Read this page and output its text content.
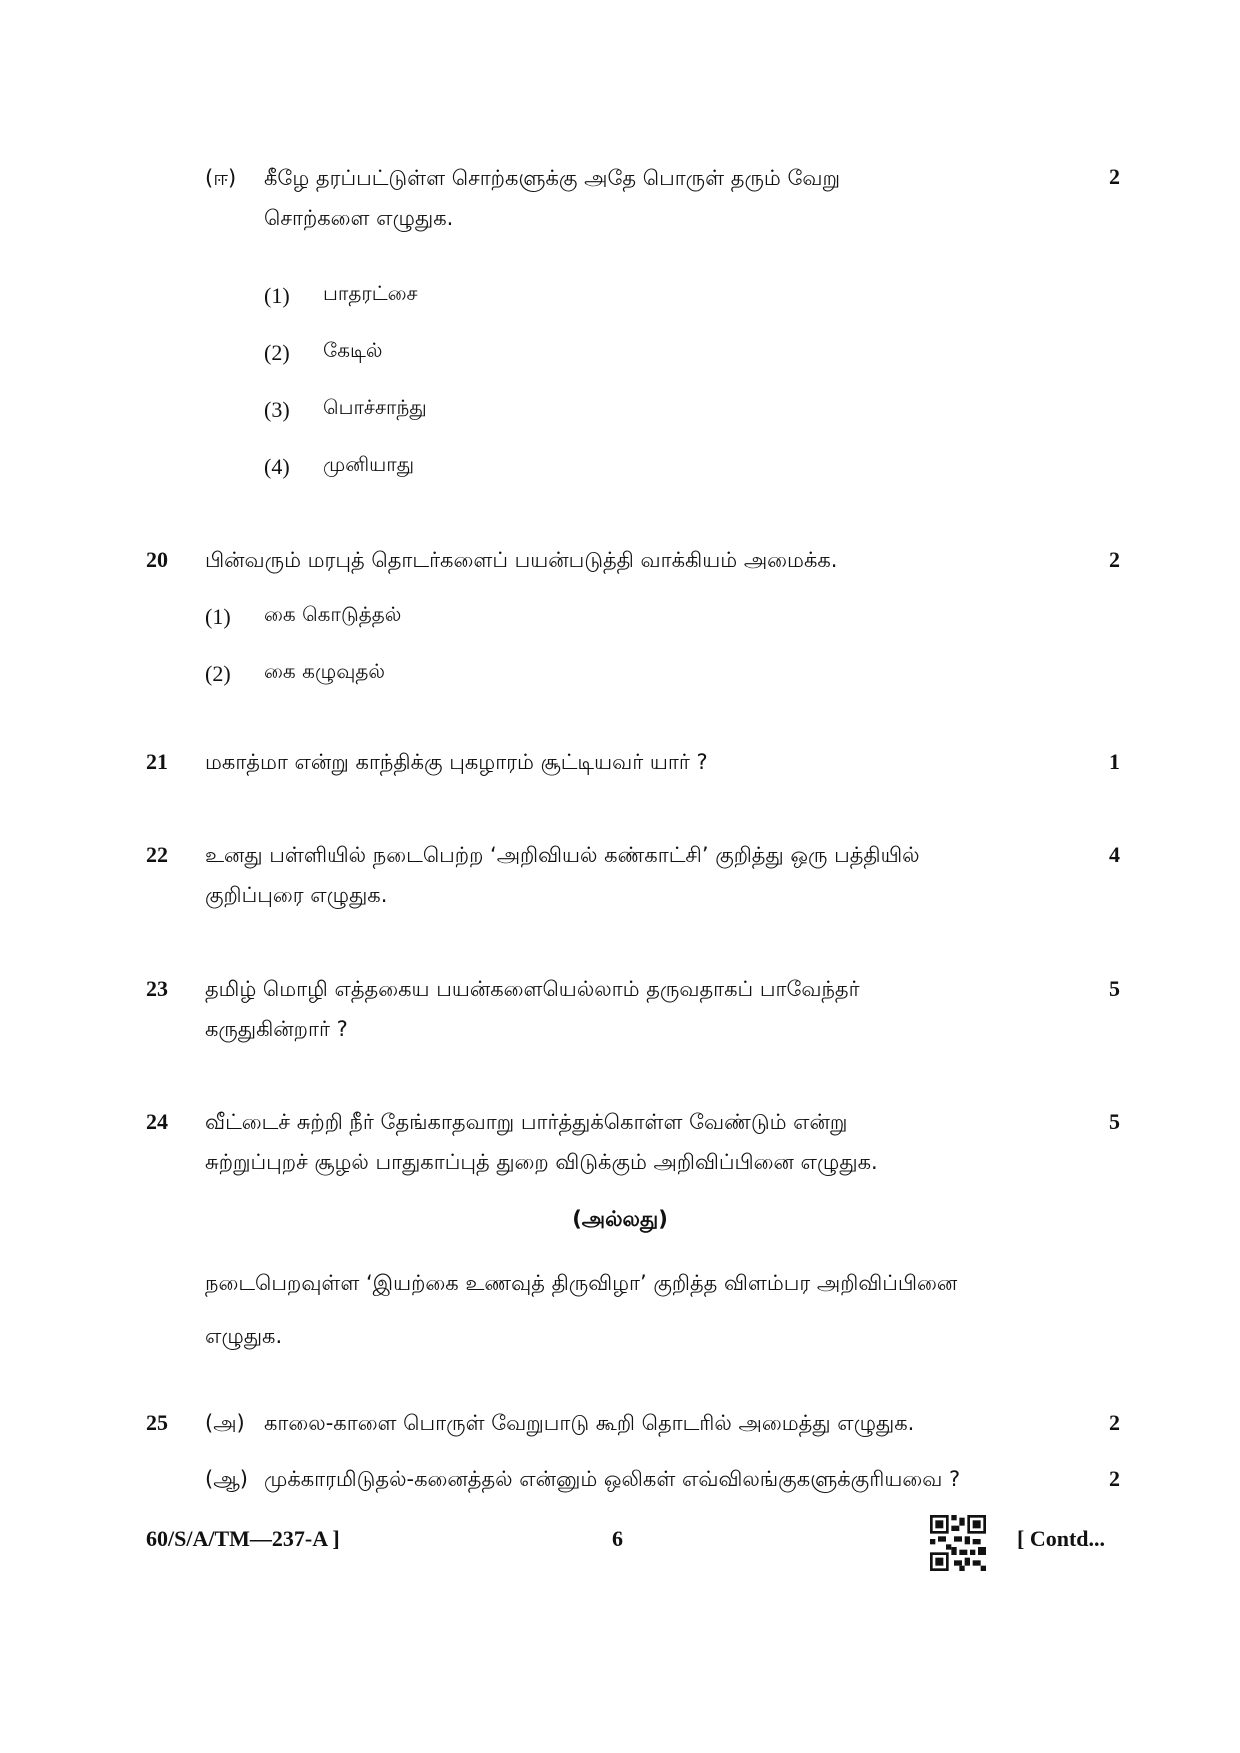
(ஈ) கீழே தரப்பட்டுள்ள சொற்களுக்கு அதே பொருள் தரும் வேறு	2
சொற்களை எழுதுக.
(1) பாதரட்சை
(2) கேடில்
(3) பொச்சாந்து
(4) முனியாது
20 பின்வரும் மரபுத் தொடர்களைப் பயன்படுத்தி வாக்கியம் அமைக்க.	2
(1) கை கொடுத்தல்
(2) கை கழுவுதல்
21 மகாத்மா என்று காந்திக்கு புகழாரம் சூட்டியவர் யார் ?	1
22 உனது பள்ளியில் நடைபெற்ற ‘அறிவியல் கண்காட்சி’ குறித்து ஒரு பத்தியில்	4
குறிப்புரை எழுதுக.
23 தமிழ் மொழி எத்தகைய பயன்களையெல்லாம் தருவதாகப் பாவேந்தர்	5
கருதுகின்றார் ?
24 வீட்டைச் சுற்றி நீர் தேங்காதவாறு பார்த்துக்கொள்ள வேண்டும் என்று	5
சுற்றுப்புறச் சூழல் பாதுகாப்புத் துறை விடுக்கும் அறிவிப்பினை எழுதுக.
(அல்லது)
நடைபெறவுள்ள ‘இயற்கை உணவுத் திருவிழா’ குறித்த விளம்பர அறிவிப்பினை
எழுதுக.
25 (அ) காலை-காளை பொருள் வேறுபாடு கூறி தொடரில் அமைத்து எழுதுக.	2
(ஆ) முக்காரமிடுதல்-கனைத்தல் என்னும் ஒலிகள் எவ்விலங்குகளுக்குரியவை ?	2
60/S/A/TM—237-A ]	6	[ Contd...
